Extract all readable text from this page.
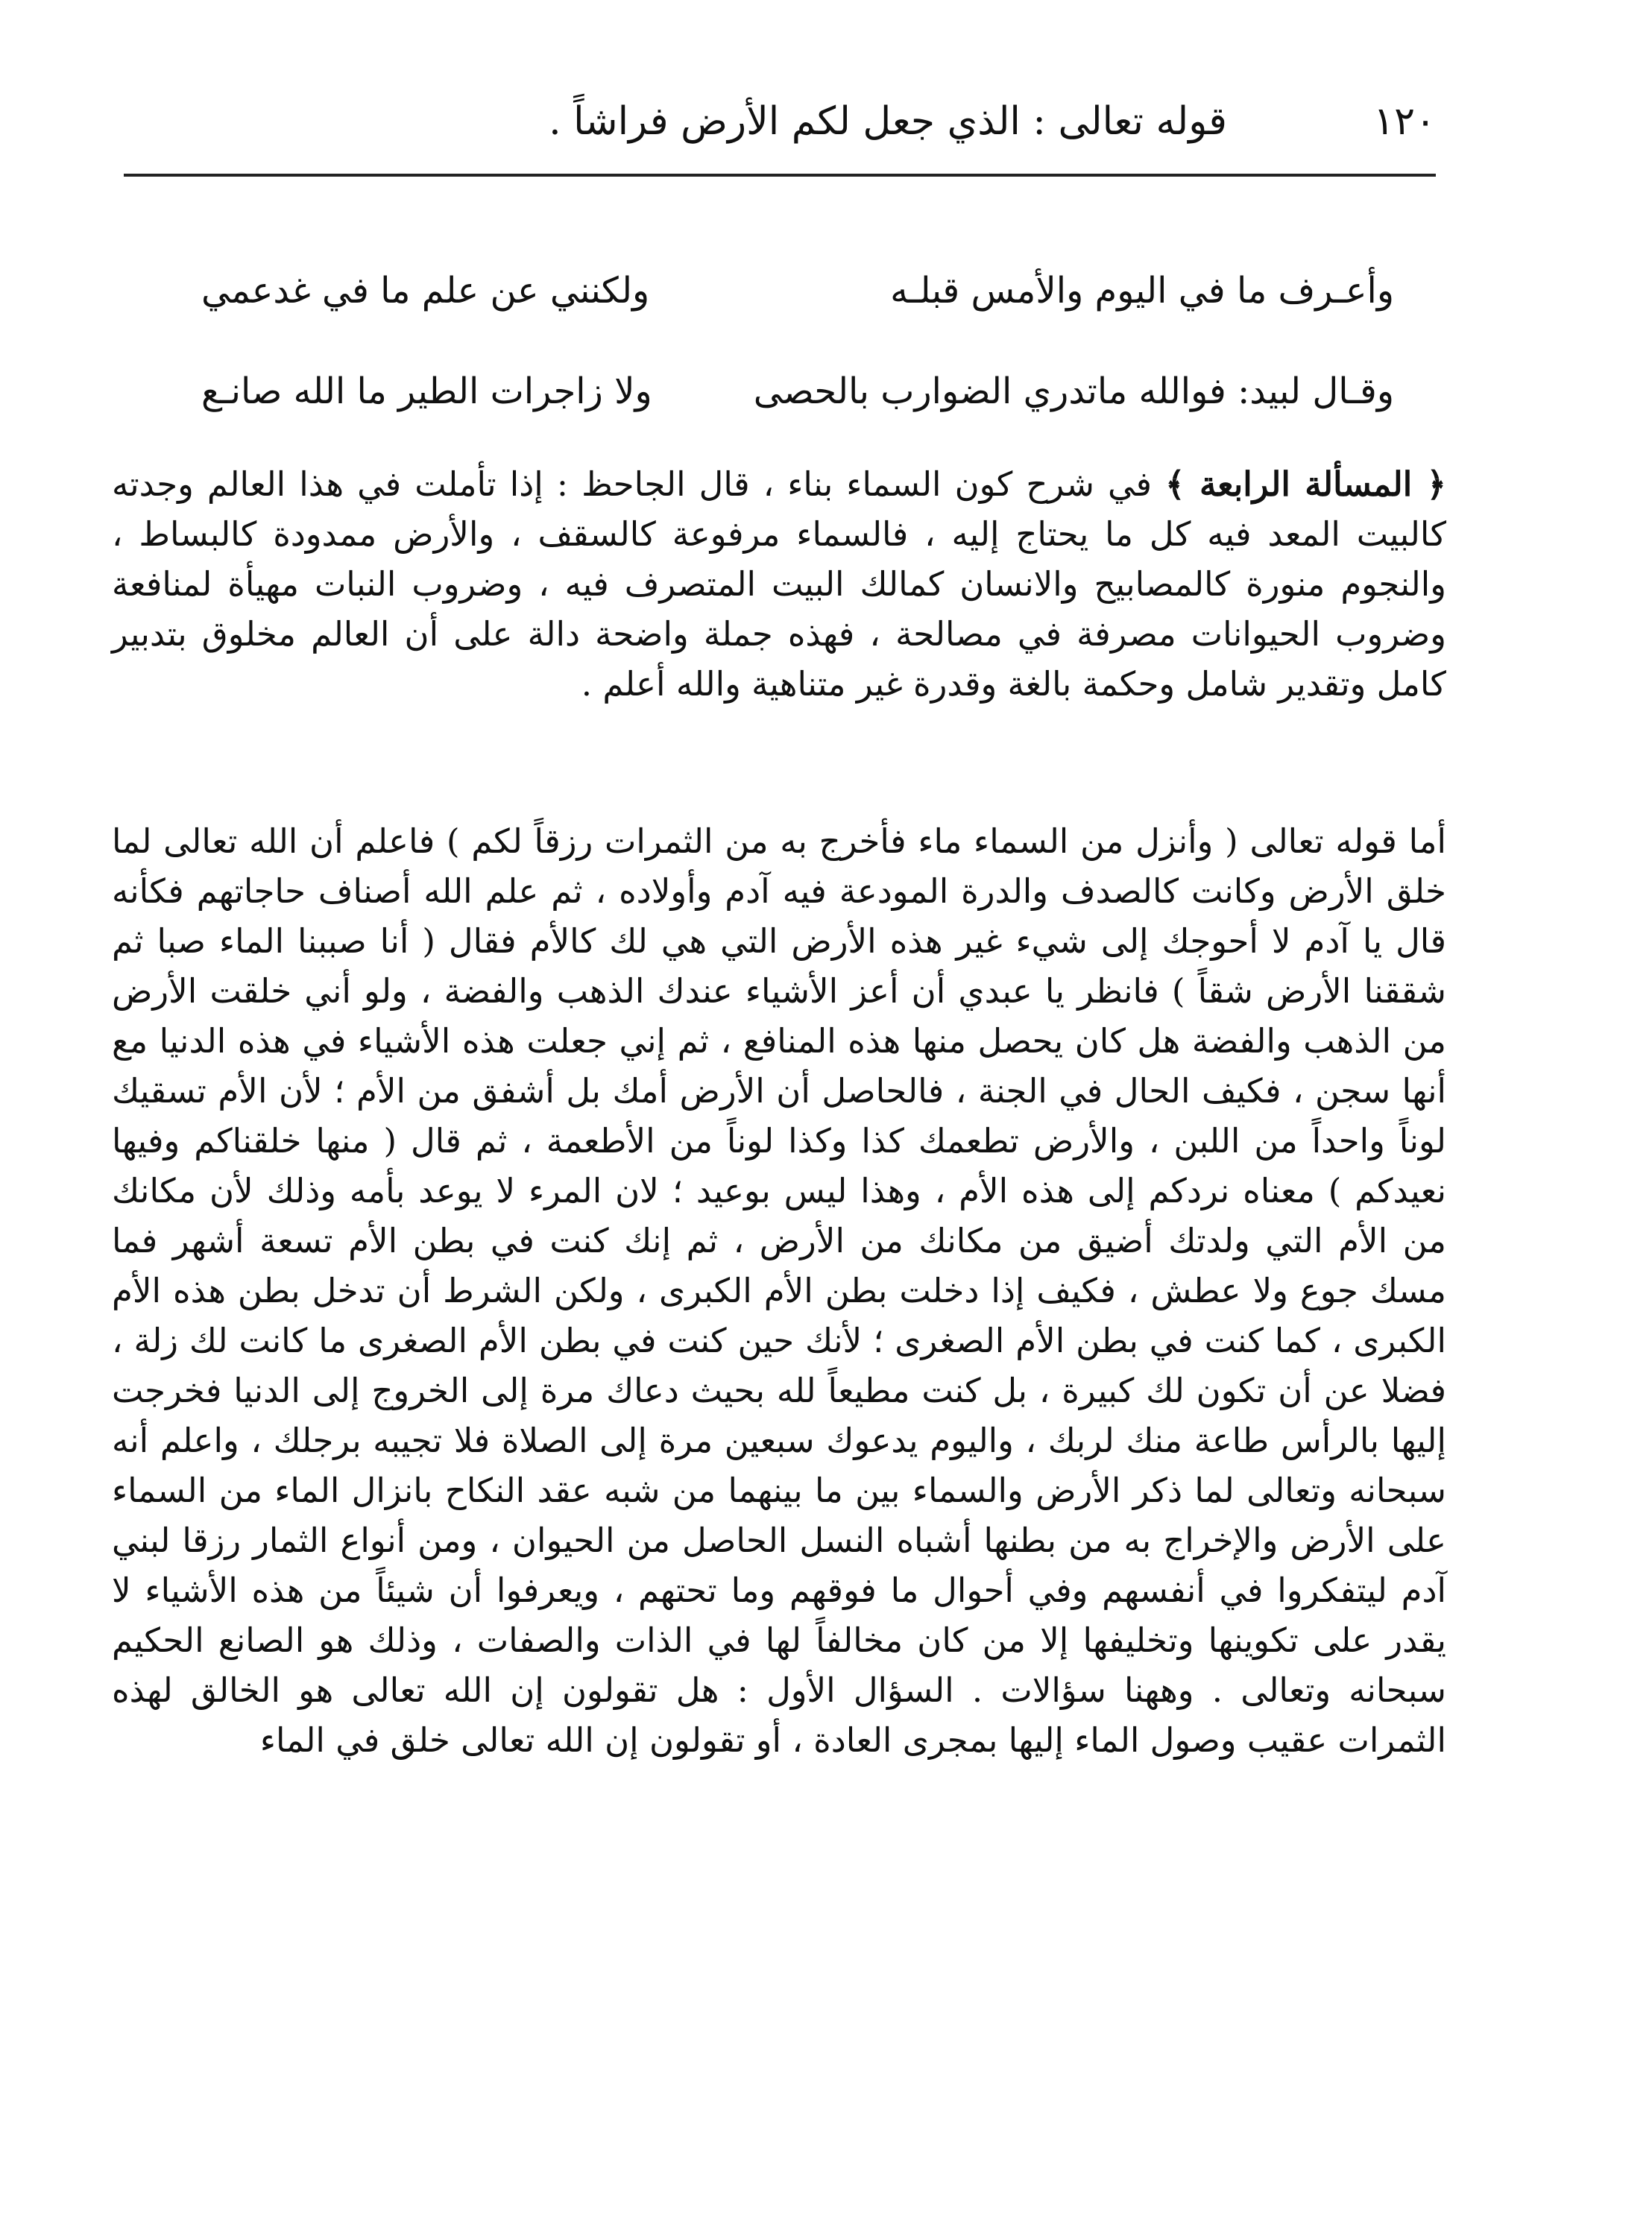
١٢٠
قوله تعالى : الذي جعل لكم الأرض فراشاً .
وأعـرف ما في اليوم والأمس قبلـه
ولكنني عن علم ما في غدعمي
وقـال لبيد: فوالله ماتدري الضوارب بالحصى
ولا زاجرات الطير ما الله صانـع

﴿ المسألة الرابعة ﴾ في شرح كون السماء بناء ، قال الجاحظ : إذا تأملت في هذا العالم وجدته كالبيت المعد فيه كل ما يحتاج إليه ، فالسماء مرفوعة كالسقف ، والأرض ممدودة كالبساط ، والنجوم منورة كالمصابيح والانسان كمالك البيت المتصرف فيه ، وضروب النبات مهيأة لمنافعة وضروب الحيوانات مصرفة في مصالحة ، فهذه جملة واضحة دالة على أن العالم مخلوق بتدبير كامل وتقدير شامل وحكمة بالغة وقدرة غير متناهية والله أعلم .

أما قوله تعالى ( وأنزل من السماء ماء فأخرج به من الثمرات رزقاً لكم ) فاعلم أن الله تعالى لما خلق الأرض وكانت كالصدف والدرة المودعة فيه آدم وأولاده ، ثم علم الله أصناف حاجاتهم فكأنه قال يا آدم لا أحوجك إلى شيء غير هذه الأرض التي هي لك كالأم فقال ( أنا صببنا الماء صبا ثم شققنا الأرض شقاً ) فانظر يا عبدي أن أعز الأشياء عندك الذهب والفضة ، ولو أني خلقت الأرض من الذهب والفضة هل كان يحصل منها هذه المنافع ، ثم إني جعلت هذه الأشياء في هذه الدنيا مع أنها سجن ، فكيف الحال في الجنة ، فالحاصل أن الأرض أمك بل أشفق من الأم ؛ لأن الأم تسقيك لوناً واحداً من اللبن ، والأرض تطعمك كذا وكذا لوناً من الأطعمة ، ثم قال ( منها خلقناكم وفيها نعيدكم ) معناه نردكم إلى هذه الأم ، وهذا ليس بوعيد ؛ لان المرء لا يوعد بأمه وذلك لأن مكانك من الأم التي ولدتك أضيق من مكانك من الأرض ، ثم إنك كنت في بطن الأم تسعة أشهر فما مسك جوع ولا عطش ، فكيف إذا دخلت بطن الأم الكبرى ، ولكن الشرط أن تدخل بطن هذه الأم الكبرى ، كما كنت في بطن الأم الصغرى ؛ لأنك حين كنت في بطن الأم الصغرى ما كانت لك زلة ، فضلا عن أن تكون لك كبيرة ، بل كنت مطيعاً لله بحيث دعاك مرة إلى الخروج إلى الدنيا فخرجت إليها بالرأس طاعة منك لربك ، واليوم يدعوك سبعين مرة إلى الصلاة فلا تجيبه برجلك ، واعلم أنه سبحانه وتعالى لما ذكر الأرض والسماء بين ما بينهما من شبه عقد النكاح بانزال الماء من السماء على الأرض والإخراج به من بطنها أشباه النسل الحاصل من الحيوان ، ومن أنواع الثمار رزقا لبني آدم ليتفكروا في أنفسهم وفي أحوال ما فوقهم وما تحتهم ، ويعرفوا أن شيئاً من هذه الأشياء لا يقدر على تكوينها وتخليفها إلا من كان مخالفاً لها في الذات والصفات ، وذلك هو الصانع الحكيم سبحانه وتعالى . وههنا سؤالات . السؤال الأول : هل تقولون إن الله تعالى هو الخالق لهذه الثمرات عقيب وصول الماء إليها بمجرى العادة ، أو تقولون إن الله تعالى خلق في الماء
